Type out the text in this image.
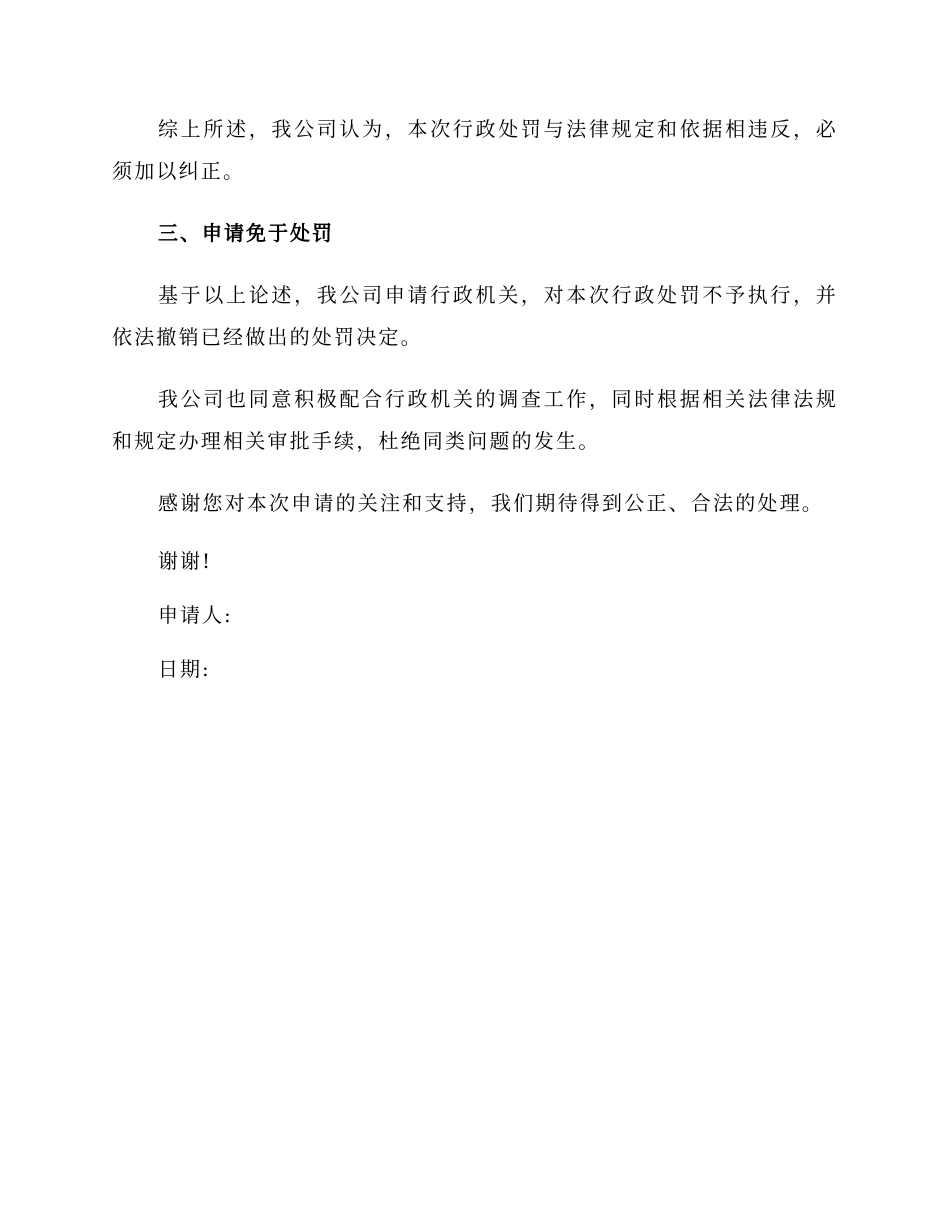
综上所述，我公司认为，本次行政处罚与法律规定和依据相违反，必须加以纠正。

三、申请免于处罚

基于以上论述，我公司申请行政机关，对本次行政处罚不予执行，并依法撤销已经做出的处罚决定。

我公司也同意积极配合行政机关的调查工作，同时根据相关法律法规和规定办理相关审批手续，杜绝同类问题的发生。

感谢您对本次申请的关注和支持，我们期待得到公正、合法的处理。

谢谢!

申请人:

日期:
